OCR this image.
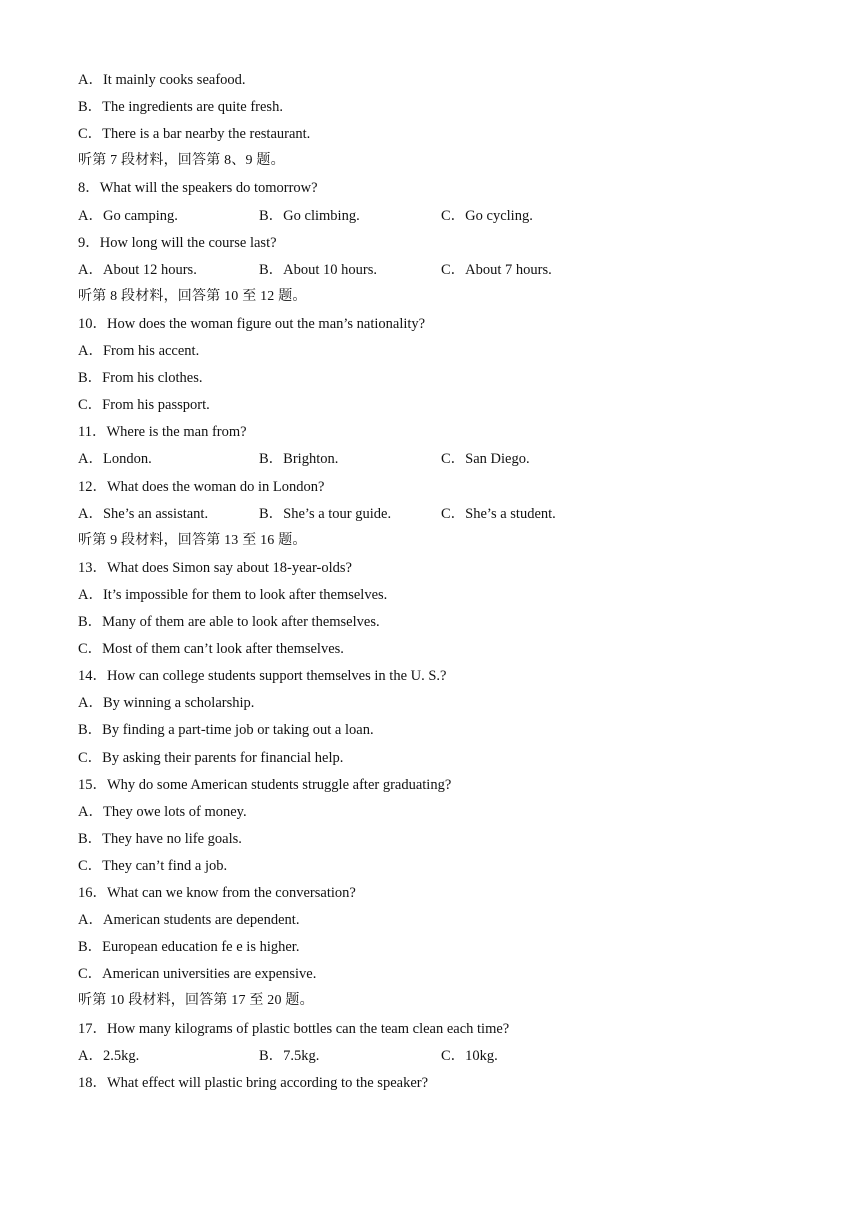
A．It mainly cooks seafood.
B．The ingredients are quite fresh.
C．There is a bar nearby the restaurant.
听第 7 段材料，回答第 8、9 题。
8．What will the speakers do tomorrow?
A．Go camping.	B．Go climbing.	C．Go cycling.
9．How long will the course last?
A．About 12 hours.	B．About 10 hours.	C．About 7 hours.
听第 8 段材料，回答第 10 至 12 题。
10．How does the woman figure out the man’s nationality?
A．From his accent.
B．From his clothes.
C．From his passport.
11．Where is the man from?
A．London.	B．Brighton.	C．San Diego.
12．What does the woman do in London?
A．She’s an assistant.	B．She’s a tour guide.	C．She’s a student.
听第 9 段材料，回答第 13 至 16 题。
13．What does Simon say about 18-year-olds?
A．It’s impossible for them to look after themselves.
B．Many of them are able to look after themselves.
C．Most of them can’t look after themselves.
14．How can college students support themselves in the U. S.?
A．By winning a scholarship.
B．By finding a part-time job or taking out a loan.
C．By asking their parents for financial help.
15．Why do some American students struggle after graduating?
A．They owe lots of money.
B．They have no life goals.
C．They can’t find a job.
16．What can we know from the conversation?
A．American students are dependent.
B．European education fe e is higher.
C．American universities are expensive.
听第 10 段材料，回答第 17 至 20 题。
17．How many kilograms of plastic bottles can the team clean each time?
A．2.5kg.	B．7.5kg.	C．10kg.
18．What effect will plastic bring according to the speaker?
